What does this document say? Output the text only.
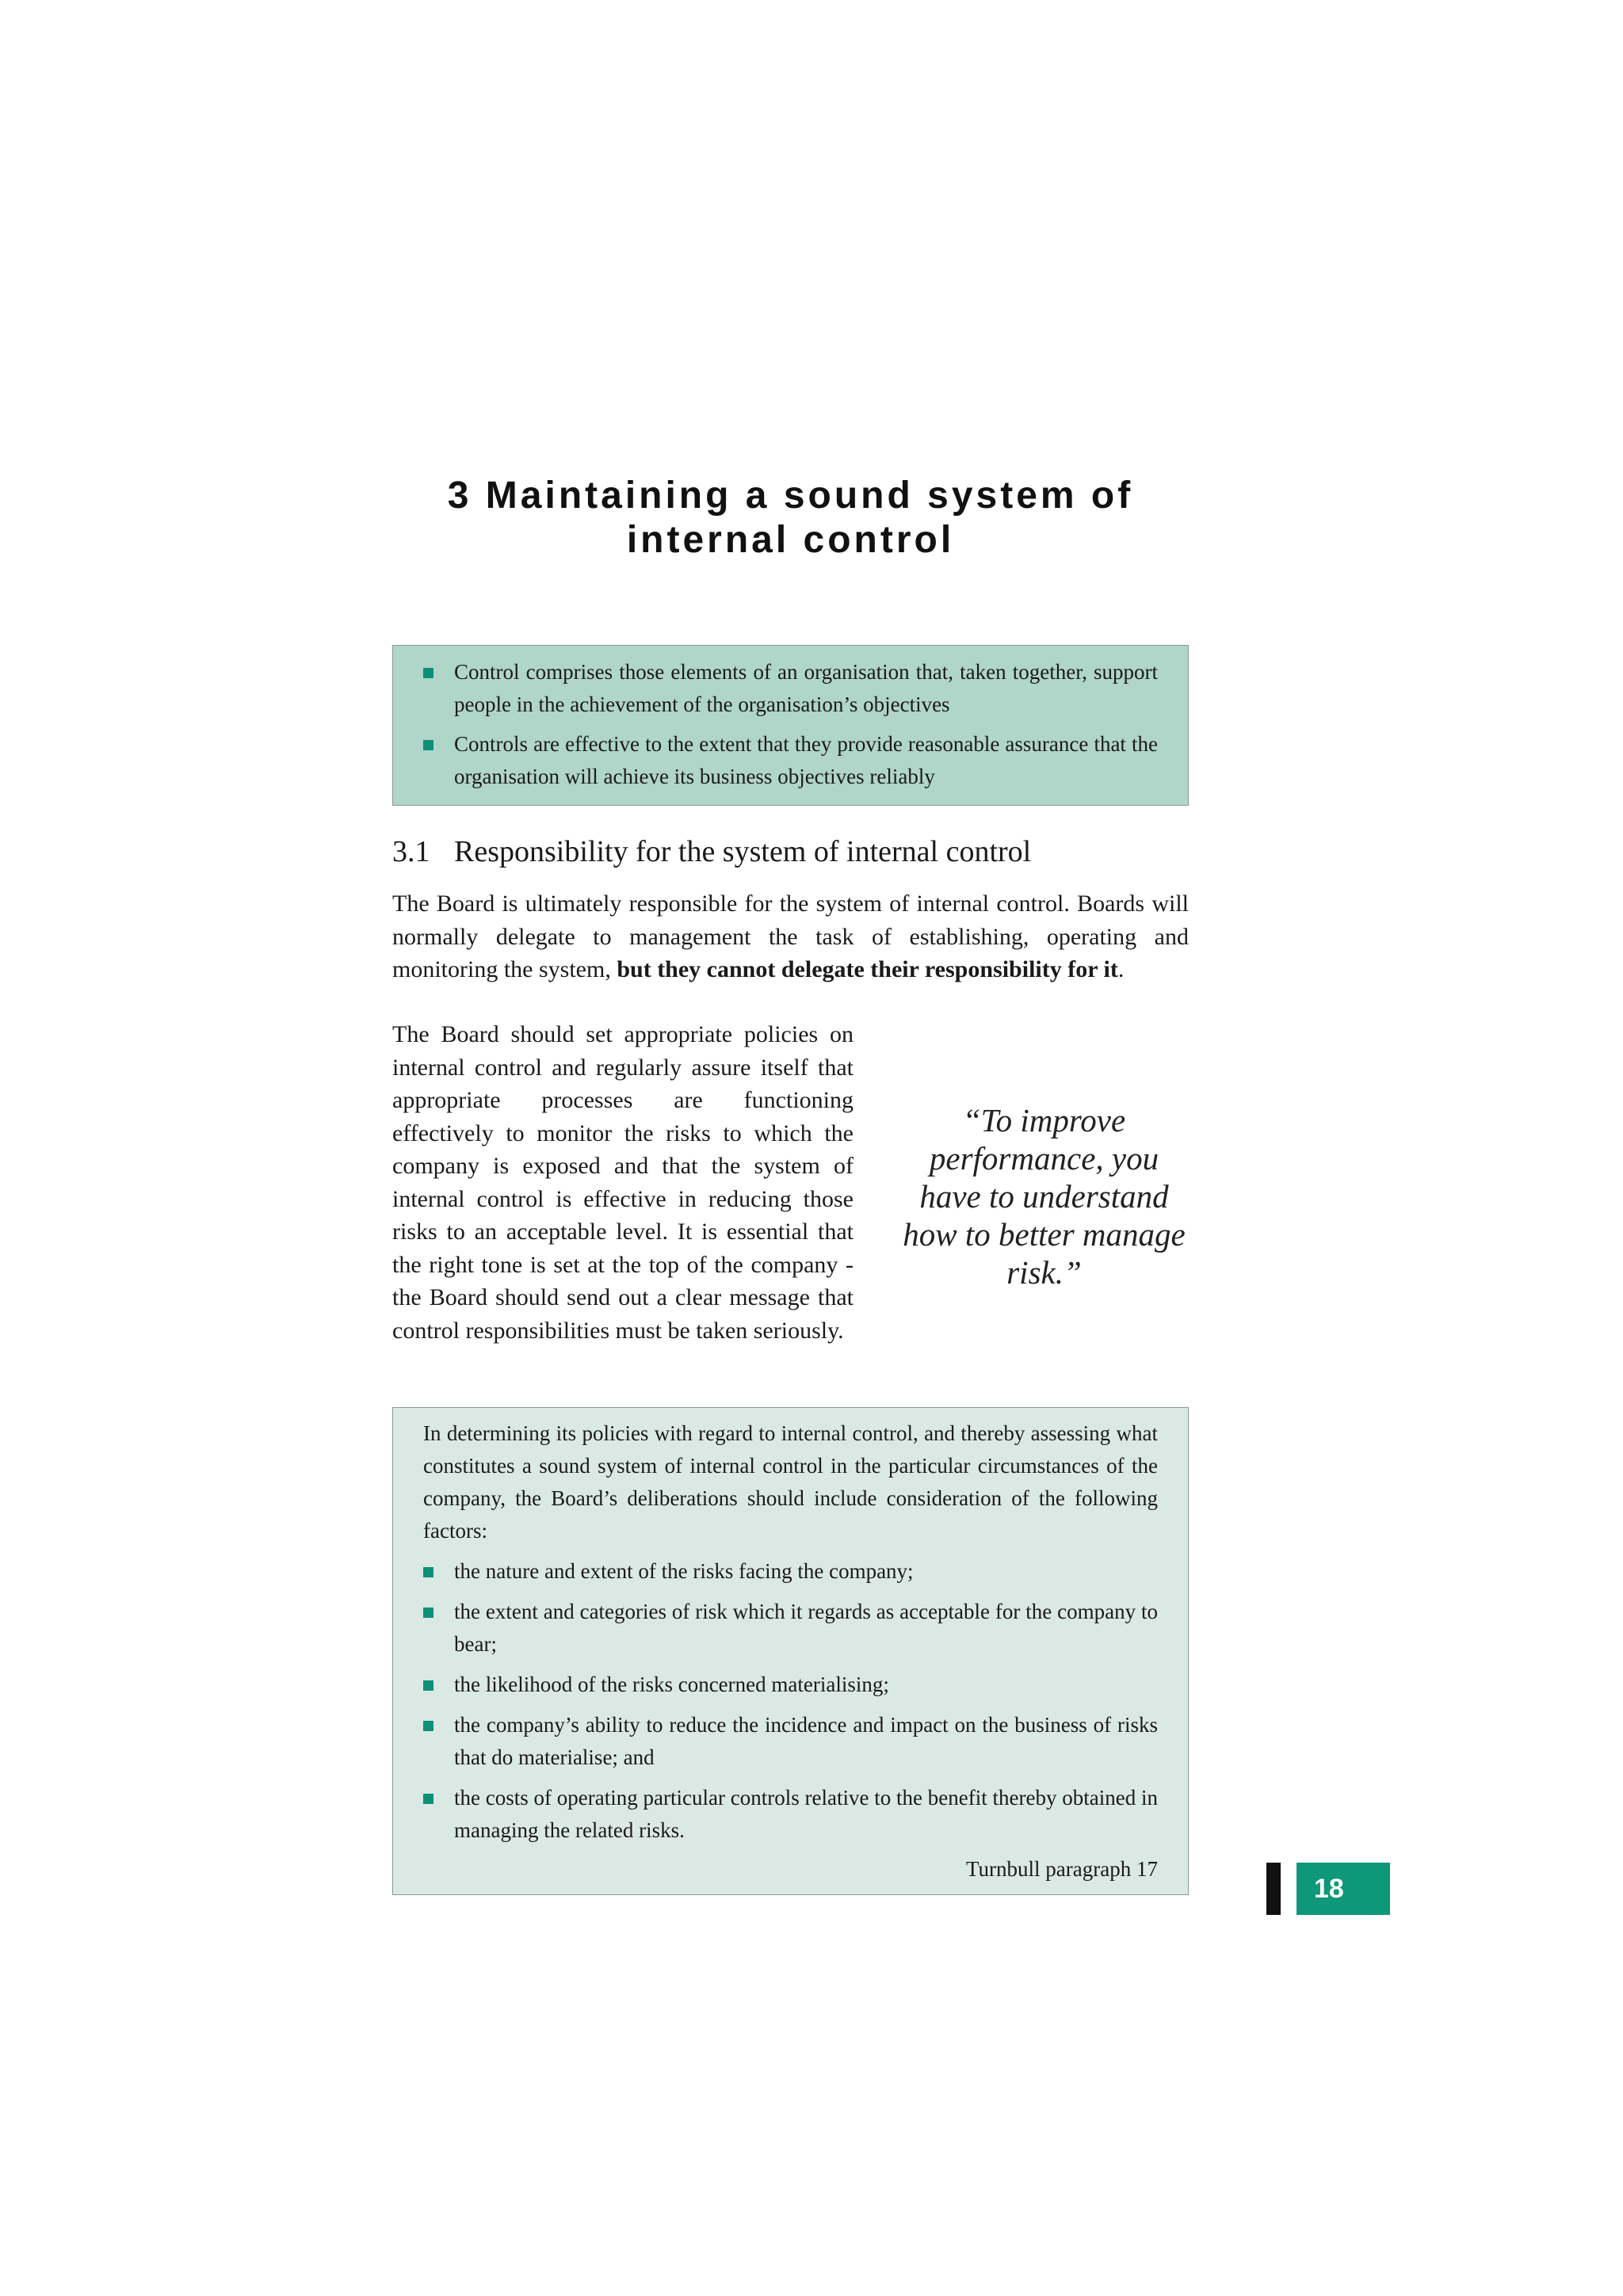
3 Maintaining a sound system of
internal control
Control comprises those elements of an organisation that, taken together, support people in the achievement of the organisation’s objectives
Controls are effective to the extent that they provide reasonable assurance that the organisation will achieve its business objectives reliably
3.1 Responsibility for the system of internal control

The Board is ultimately responsible for the system of internal control. Boards will normally delegate to management the task of establishing, operating and monitoring the system, but they cannot delegate their responsibility for it.

The Board should set appropriate policies on internal control and regularly assure itself that appropriate processes are functioning effectively to monitor the risks to which the company is exposed and that the system of internal control is effective in reducing those risks to an acceptable level. It is essential that the right tone is set at the top of the company - the Board should send out a clear message that control responsibilities must be taken seriously.

“To improve performance, you have to understand how to better manage risk.”

In determining its policies with regard to internal control, and thereby assessing what constitutes a sound system of internal control in the particular circumstances of the company, the Board’s deliberations should include consideration of the following factors:

the nature and extent of the risks facing the company;
the extent and categories of risk which it regards as acceptable for the company to bear;
the likelihood of the risks concerned materialising;
the company’s ability to reduce the incidence and impact on the business of risks that do materialise; and
the costs of operating particular controls relative to the benefit thereby obtained in managing the related risks.

Turnbull paragraph 17

18
